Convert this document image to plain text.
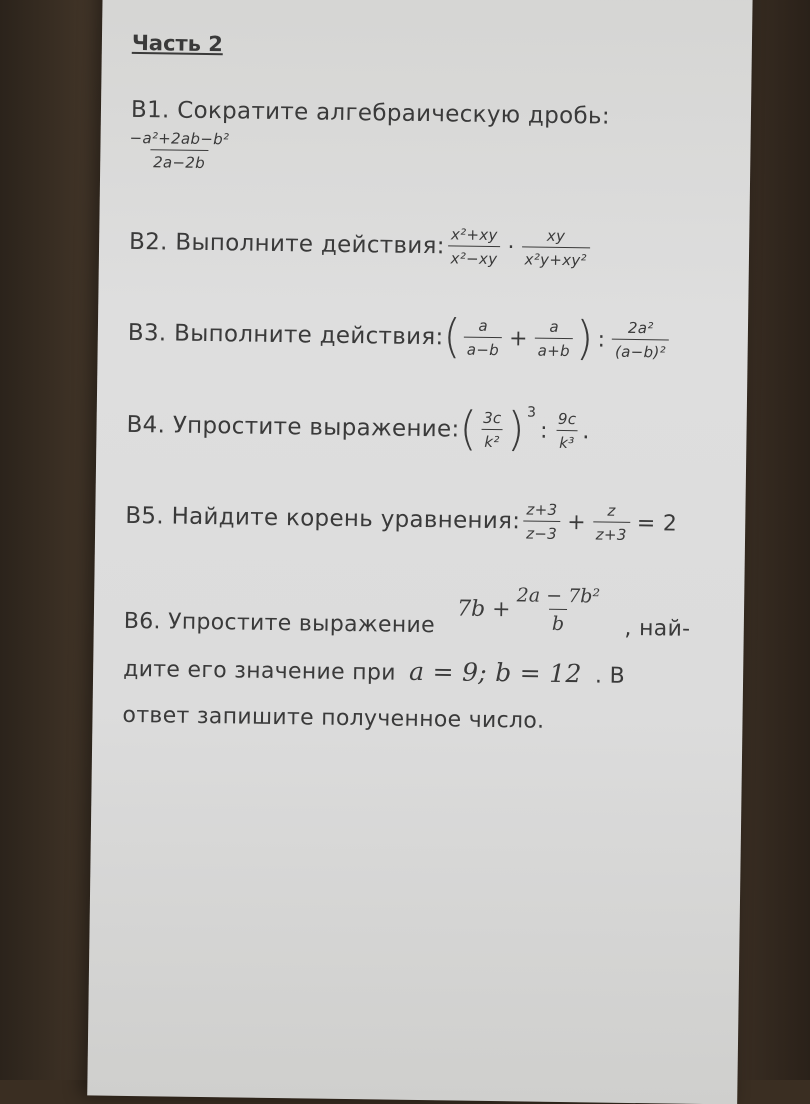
Часть 2
B1. Сократите алгебраическую дробь:
$\frac{\text{−a²+2ab−b²}}{2a-2b}$
B2. Выполните действия: $\frac{\text{x²+xy}}{\text{x²−xy}} \cdot \frac{xy}{\text{x²y+xy²}}$
B3. Выполните действия: ( $\frac{a}{a-b} + \frac{a}{a+b}$ ) : $\frac{\text{2a²}}{\text{(a−b)²}}$
B4. Упростите выражение: ( $\frac{3c}{\text{k²}}$ ) 3
: $\frac{9c}{\text{k³}}$ .
B5. Найдите корень уравнения: $\frac{z+3}{z-3} + \frac{z}{z+3} = 2$
$7b + \frac{\text{2a − 7b²}}{b}$
B6. Упростите выражение	, най-
дите его значение при a = 9; b = 12 . В
ответ запишите полученное число.
